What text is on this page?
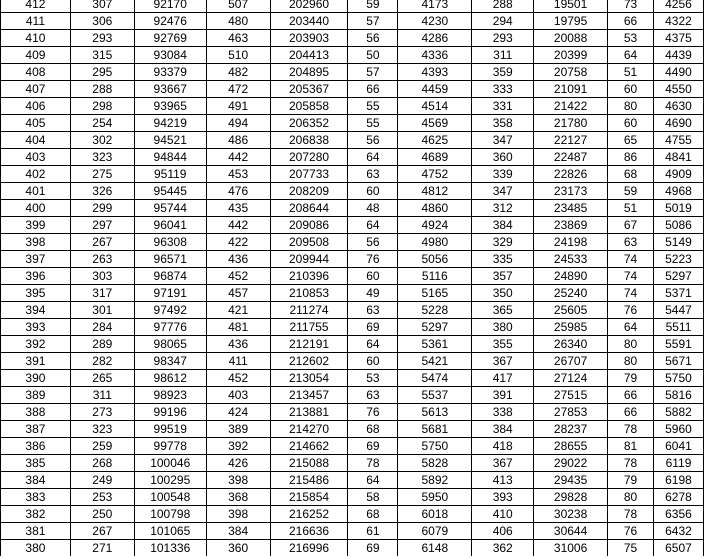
412	307	92170	507	202960	59	4173	288	19501	73	4256
411	306	92476	480	203440	57	4230	294	19795	66	4322
410	293	92769	463	203903	56	4286	293	20088	53	4375
409	315	93084	510	204413	50	4336	311	20399	64	4439
408	295	93379	482	204895	57	4393	359	20758	51	4490
407	288	93667	472	205367	66	4459	333	21091	60	4550
406	298	93965	491	205858	55	4514	331	21422	80	4630
405	254	94219	494	206352	55	4569	358	21780	60	4690
404	302	94521	486	206838	56	4625	347	22127	65	4755
403	323	94844	442	207280	64	4689	360	22487	86	4841
402	275	95119	453	207733	63	4752	339	22826	68	4909
401	326	95445	476	208209	60	4812	347	23173	59	4968
400	299	95744	435	208644	48	4860	312	23485	51	5019
399	297	96041	442	209086	64	4924	384	23869	67	5086
398	267	96308	422	209508	56	4980	329	24198	63	5149
397	263	96571	436	209944	76	5056	335	24533	74	5223
396	303	96874	452	210396	60	5116	357	24890	74	5297
395	317	97191	457	210853	49	5165	350	25240	74	5371
394	301	97492	421	211274	63	5228	365	25605	76	5447
393	284	97776	481	211755	69	5297	380	25985	64	5511
392	289	98065	436	212191	64	5361	355	26340	80	5591
391	282	98347	411	212602	60	5421	367	26707	80	5671
390	265	98612	452	213054	53	5474	417	27124	79	5750
389	311	98923	403	213457	63	5537	391	27515	66	5816
388	273	99196	424	213881	76	5613	338	27853	66	5882
387	323	99519	389	214270	68	5681	384	28237	78	5960
386	259	99778	392	214662	69	5750	418	28655	81	6041
385	268	100046	426	215088	78	5828	367	29022	78	6119
384	249	100295	398	215486	64	5892	413	29435	79	6198
383	253	100548	368	215854	58	5950	393	29828	80	6278
382	250	100798	398	216252	68	6018	410	30238	78	6356
381	267	101065	384	216636	61	6079	406	30644	76	6432
380	271	101336	360	216996	69	6148	362	31006	75	6507
